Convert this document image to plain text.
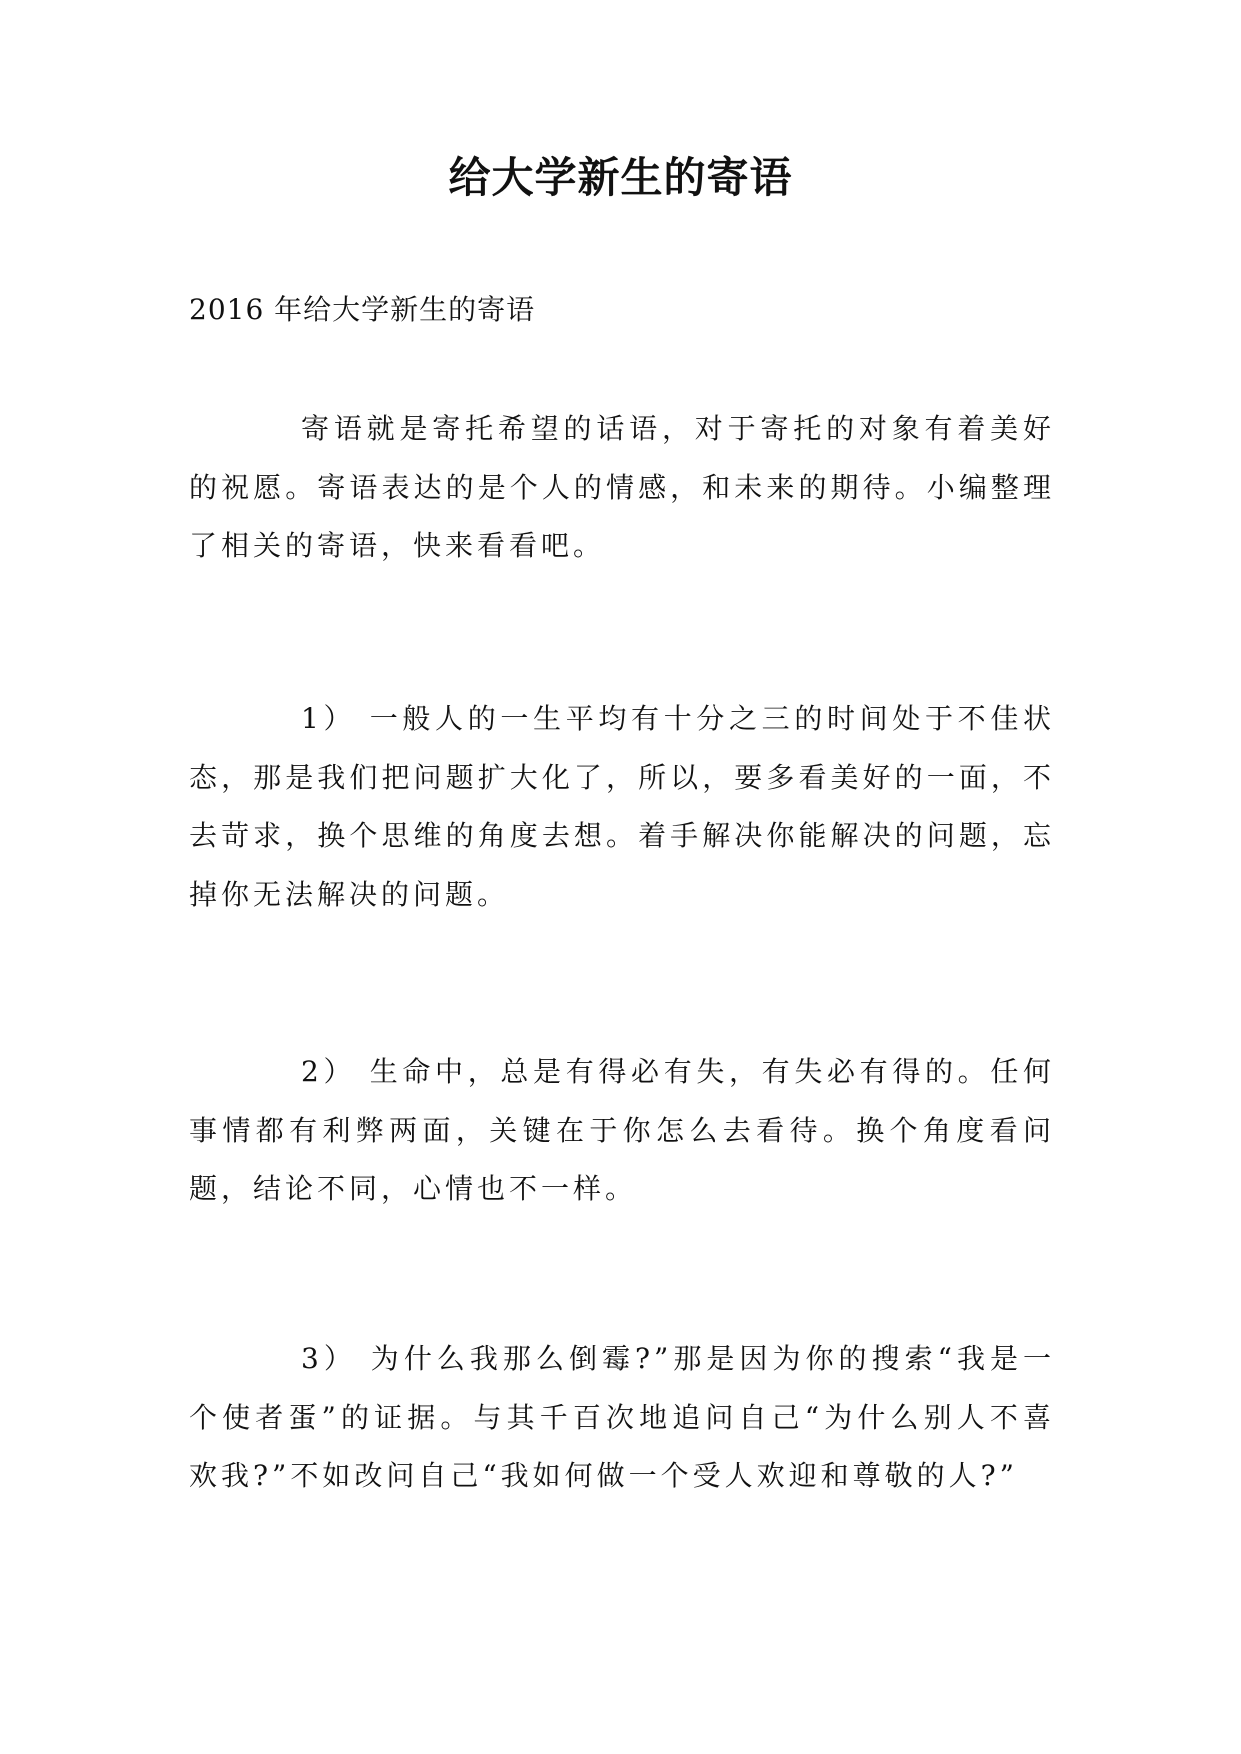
给大学新生的寄语

2016 年给大学新生的寄语

寄语就是寄托希望的话语，对于寄托的对象有着美好的祝愿。寄语表达的是个人的情感，和未来的期待。小编整理了相关的寄语，快来看看吧。

1） 一般人的一生平均有十分之三的时间处于不佳状态，那是我们把问题扩大化了，所以，要多看美好的一面，不去苛求，换个思维的角度去想。着手解决你能解决的问题，忘掉你无法解决的问题。

2） 生命中，总是有得必有失，有失必有得的。任何事情都有利弊两面，关键在于你怎么去看待。换个角度看问题，结论不同，心情也不一样。

3） 为什么我那么倒霉?”那是因为你的搜索“我是一个使者蛋”的证据。与其千百次地追问自己“为什么别人不喜欢我?”不如改问自己“我如何做一个受人欢迎和尊敬的人?”
